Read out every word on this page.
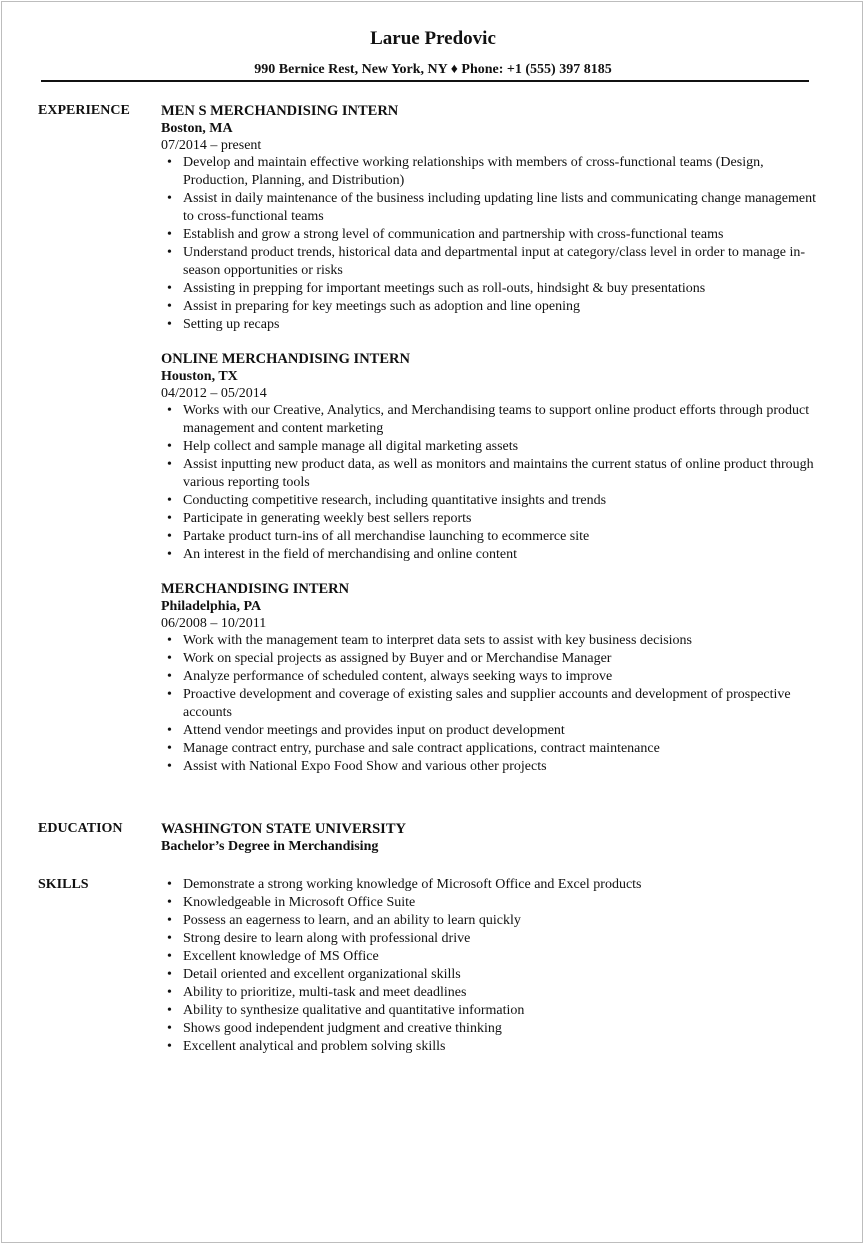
Larue Predovic
990 Bernice Rest, New York, NY ♦ Phone: +1 (555) 397 8185
EXPERIENCE MEN S MERCHANDISING INTERN
Boston, MA
07/2014 – present
• Develop and maintain effective working relationships with members of cross-functional teams (Design, Production, Planning, and Distribution)
• Assist in daily maintenance of the business including updating line lists and communicating change management to cross-functional teams
• Establish and grow a strong level of communication and partnership with cross-functional teams
• Understand product trends, historical data and departmental input at category/class level in order to manage in-season opportunities or risks
• Assisting in prepping for important meetings such as roll-outs, hindsight & buy presentations
• Assist in preparing for key meetings such as adoption and line opening
• Setting up recaps
ONLINE MERCHANDISING INTERN
Houston, TX
04/2012 – 05/2014
• Works with our Creative, Analytics, and Merchandising teams to support online product efforts through product management and content marketing
• Help collect and sample manage all digital marketing assets
• Assist inputting new product data, as well as monitors and maintains the current status of online product through various reporting tools
• Conducting competitive research, including quantitative insights and trends
• Participate in generating weekly best sellers reports
• Partake product turn-ins of all merchandise launching to ecommerce site
• An interest in the field of merchandising and online content
MERCHANDISING INTERN
Philadelphia, PA
06/2008 – 10/2011
• Work with the management team to interpret data sets to assist with key business decisions
• Work on special projects as assigned by Buyer and or Merchandise Manager
• Analyze performance of scheduled content, always seeking ways to improve
• Proactive development and coverage of existing sales and supplier accounts and development of prospective accounts
• Attend vendor meetings and provides input on product development
• Manage contract entry, purchase and sale contract applications, contract maintenance
• Assist with National Expo Food Show and various other projects
EDUCATION	WASHINGTON STATE UNIVERSITY
Bachelor’s Degree in Merchandising
SKILLS
•	Demonstrate a strong working knowledge of Microsoft Office and Excel products
• Knowledgeable in Microsoft Office Suite
• Possess an eagerness to learn, and an ability to learn quickly
• Strong desire to learn along with professional drive
• Excellent knowledge of MS Office
• Detail oriented and excellent organizational skills
• Ability to prioritize, multi-task and meet deadlines
• Ability to synthesize qualitative and quantitative information
• Shows good independent judgment and creative thinking
• Excellent analytical and problem solving skills
